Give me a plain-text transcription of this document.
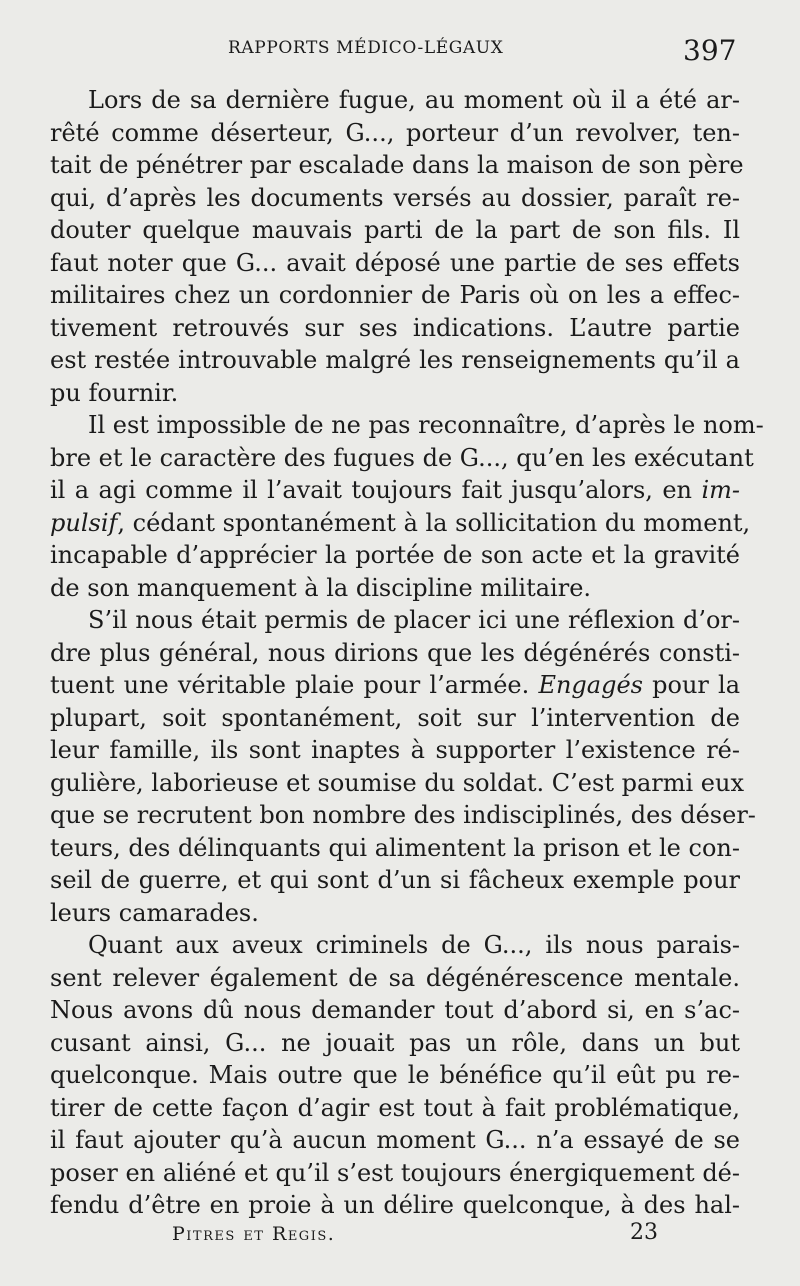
RAPPORTS MÉDICO-LÉGAUX	397
Lors de sa dernière fugue, au moment où il a été ar-
rêté comme déserteur, G..., porteur d’un revolver, ten-
tait de pénétrer par escalade dans la maison de son père
qui, d’après les documents versés au dossier, paraît re-
douter quelque mauvais parti de la part de son fils. Il
faut noter que G... avait déposé une partie de ses effets
militaires chez un cordonnier de Paris où on les a effec-
tivement retrouvés sur ses indications. L’autre partie
est restée introuvable malgré les renseignements qu’il a
pu fournir.
Il est impossible de ne pas reconnaître, d’après le nom-
bre et le caractère des fugues de G..., qu’en les exécutant
il a agi comme il l’avait toujours fait jusqu’alors, en im-
pulsif, cédant spontanément à la sollicitation du moment,
incapable d’apprécier la portée de son acte et la gravité
de son manquement à la discipline militaire.
S’il nous était permis de placer ici une réflexion d’or-
dre plus général, nous dirions que les dégénérés consti-
tuent une véritable plaie pour l’armée. Engagés pour la
plupart, soit spontanément, soit sur l’intervention de
leur famille, ils sont inaptes à supporter l’existence ré-
gulière, laborieuse et soumise du soldat. C’est parmi eux
que se recrutent bon nombre des indisciplinés, des déser-
teurs, des délinquants qui alimentent la prison et le con-
seil de guerre, et qui sont d’un si fâcheux exemple pour
leurs camarades.
Quant aux aveux criminels de G..., ils nous parais-
sent relever également de sa dégénérescence mentale.
Nous avons dû nous demander tout d’abord si, en s’ac-
cusant ainsi, G... ne jouait pas un rôle, dans un but
quelconque. Mais outre que le bénéfice qu’il eût pu re-
tirer de cette façon d’agir est tout à fait problématique,
il faut ajouter qu’à aucun moment G... n’a essayé de se
poser en aliéné et qu’il s’est toujours énergiquement dé-
fendu d’être en proie à un délire quelconque, à des hal-
Pitres et Regis.	23
